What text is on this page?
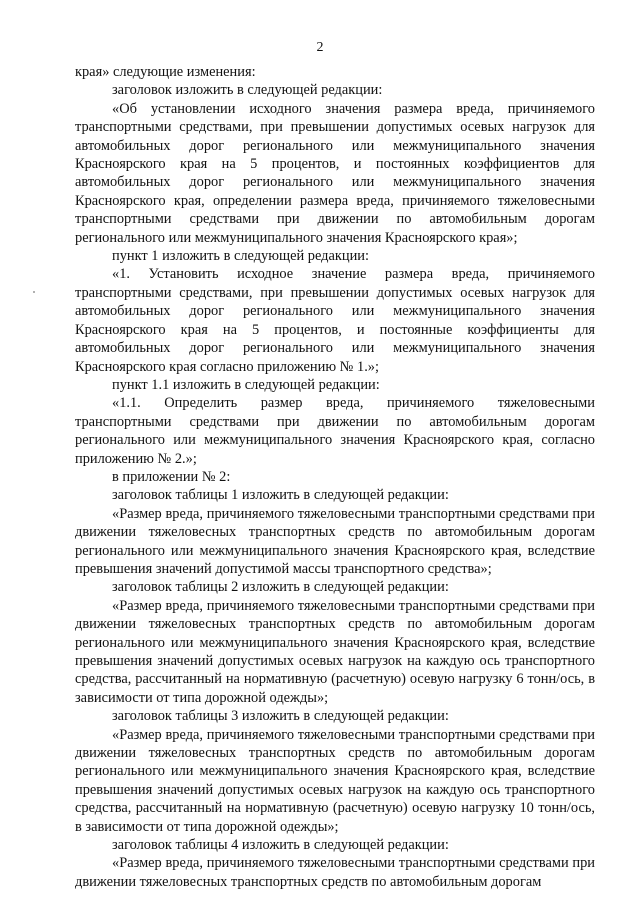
2

края» следующие изменения:

заголовок изложить в следующей редакции:

«Об установлении исходного значения размера вреда, причиняемого транспортными средствами, при превышении допустимых осевых нагрузок для автомобильных дорог регионального или межмуниципального значения Красноярского края на 5 процентов, и постоянных коэффициентов для автомобильных дорог регионального или межмуниципального значения Красноярского края, определении размера вреда, причиняемого тяжеловесными транспортными средствами при движении по автомобильным дорогам регионального или межмуниципального значения Красноярского края»;

пункт 1 изложить в следующей редакции:

«1. Установить исходное значение размера вреда, причиняемого транспортными средствами, при превышении допустимых осевых нагрузок для автомобильных дорог регионального или межмуниципального значения Красноярского края на 5 процентов, и постоянные коэффициенты для автомобильных дорог регионального или межмуниципального значения Красноярского края согласно приложению № 1.»;

пункт 1.1 изложить в следующей редакции:

«1.1. Определить размер вреда, причиняемого тяжеловесными транспортными средствами при движении по автомобильным дорогам регионального или межмуниципального значения Красноярского края, согласно приложению № 2.»;

в приложении № 2:

заголовок таблицы 1 изложить в следующей редакции:

«Размер вреда, причиняемого тяжеловесными транспортными средствами при движении тяжеловесных транспортных средств по автомобильным дорогам регионального или межмуниципального значения Красноярского края, вследствие превышения значений допустимой массы транспортного средства»;

заголовок таблицы 2 изложить в следующей редакции:

«Размер вреда, причиняемого тяжеловесными транспортными средствами при движении тяжеловесных транспортных средств по автомобильным дорогам регионального или межмуниципального значения Красноярского края, вследствие превышения значений допустимых осевых нагрузок на каждую ось транспортного средства, рассчитанный на нормативную (расчетную) осевую нагрузку 6 тонн/ось, в зависимости от типа дорожной одежды»;

заголовок таблицы 3 изложить в следующей редакции:

«Размер вреда, причиняемого тяжеловесными транспортными средствами при движении тяжеловесных транспортных средств по автомобильным дорогам регионального или межмуниципального значения Красноярского края, вследствие превышения значений допустимых осевых нагрузок на каждую ось транспортного средства, рассчитанный на нормативную (расчетную) осевую нагрузку 10 тонн/ось, в зависимости от типа дорожной одежды»;

заголовок таблицы 4 изложить в следующей редакции:

«Размер вреда, причиняемого тяжеловесными транспортными средствами при движении тяжеловесных транспортных средств по автомобильным дорогам
